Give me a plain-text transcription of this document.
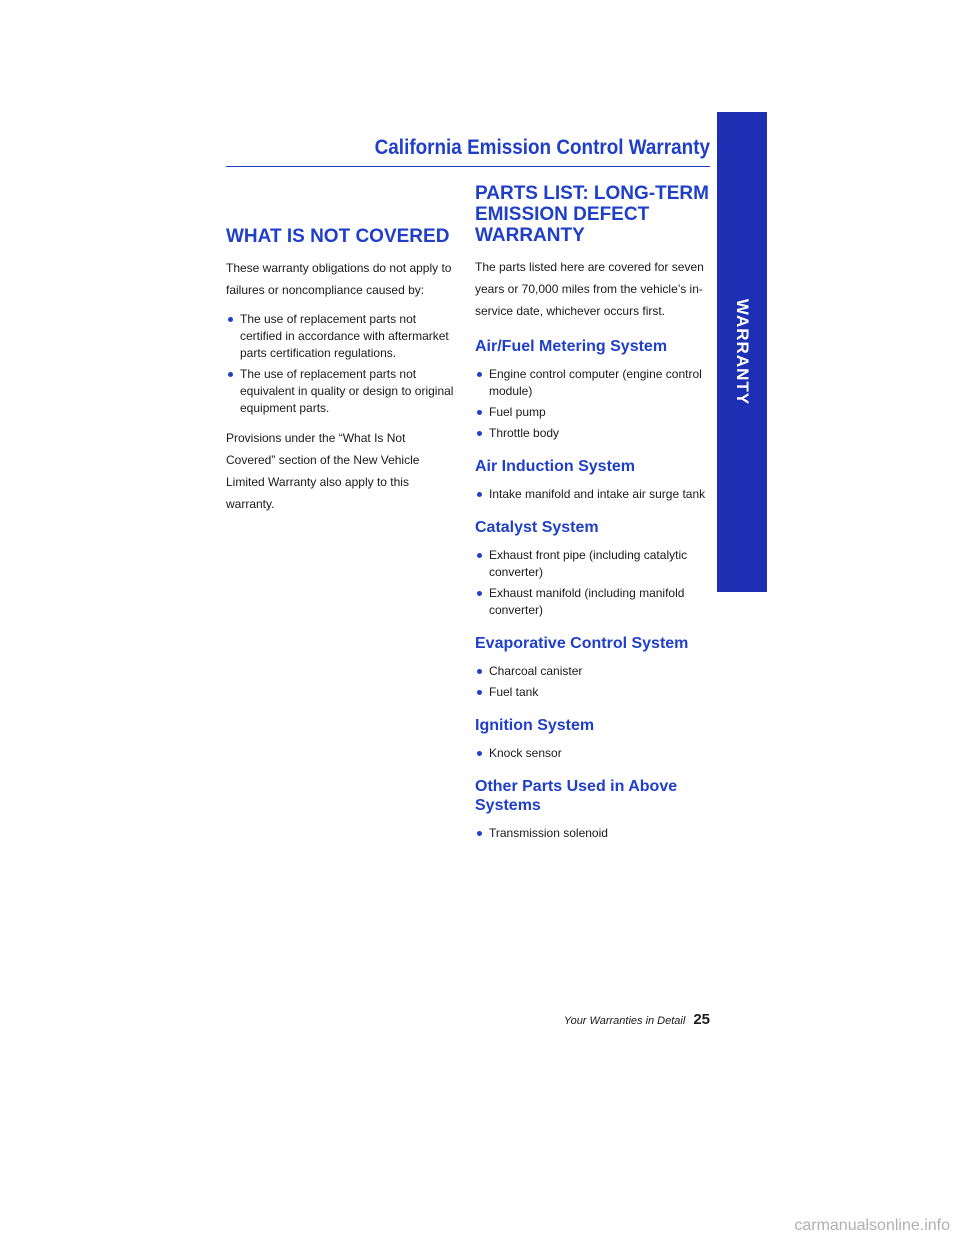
California Emission Control Warranty
WARRANTY
WHAT IS NOT COVERED

These warranty obligations do not apply to failures or noncompliance caused by:

The use of replacement parts not certified in accordance with aftermarket parts certification regulations.
The use of replacement parts not equivalent in quality or design to original equipment parts.

Provisions under the “What Is Not Covered” section of the New Vehicle Limited Warranty also apply to this warranty.

PARTS LIST: LONG-TERM EMISSION DEFECT WARRANTY

The parts listed here are covered for seven years or 70,000 miles from the vehicle’s in-service date, whichever occurs first.

Air/Fuel Metering System
Engine control computer (engine control module)
Fuel pump
Throttle body
Air Induction System
Intake manifold and intake air surge tank
Catalyst System
Exhaust front pipe (including catalytic converter)
Exhaust manifold (including manifold converter)
Evaporative Control System
Charcoal canister
Fuel tank
Ignition System
Knock sensor
Other Parts Used in Above Systems
Transmission solenoid
Your Warranties in Detail 25
carmanualsonline.info
